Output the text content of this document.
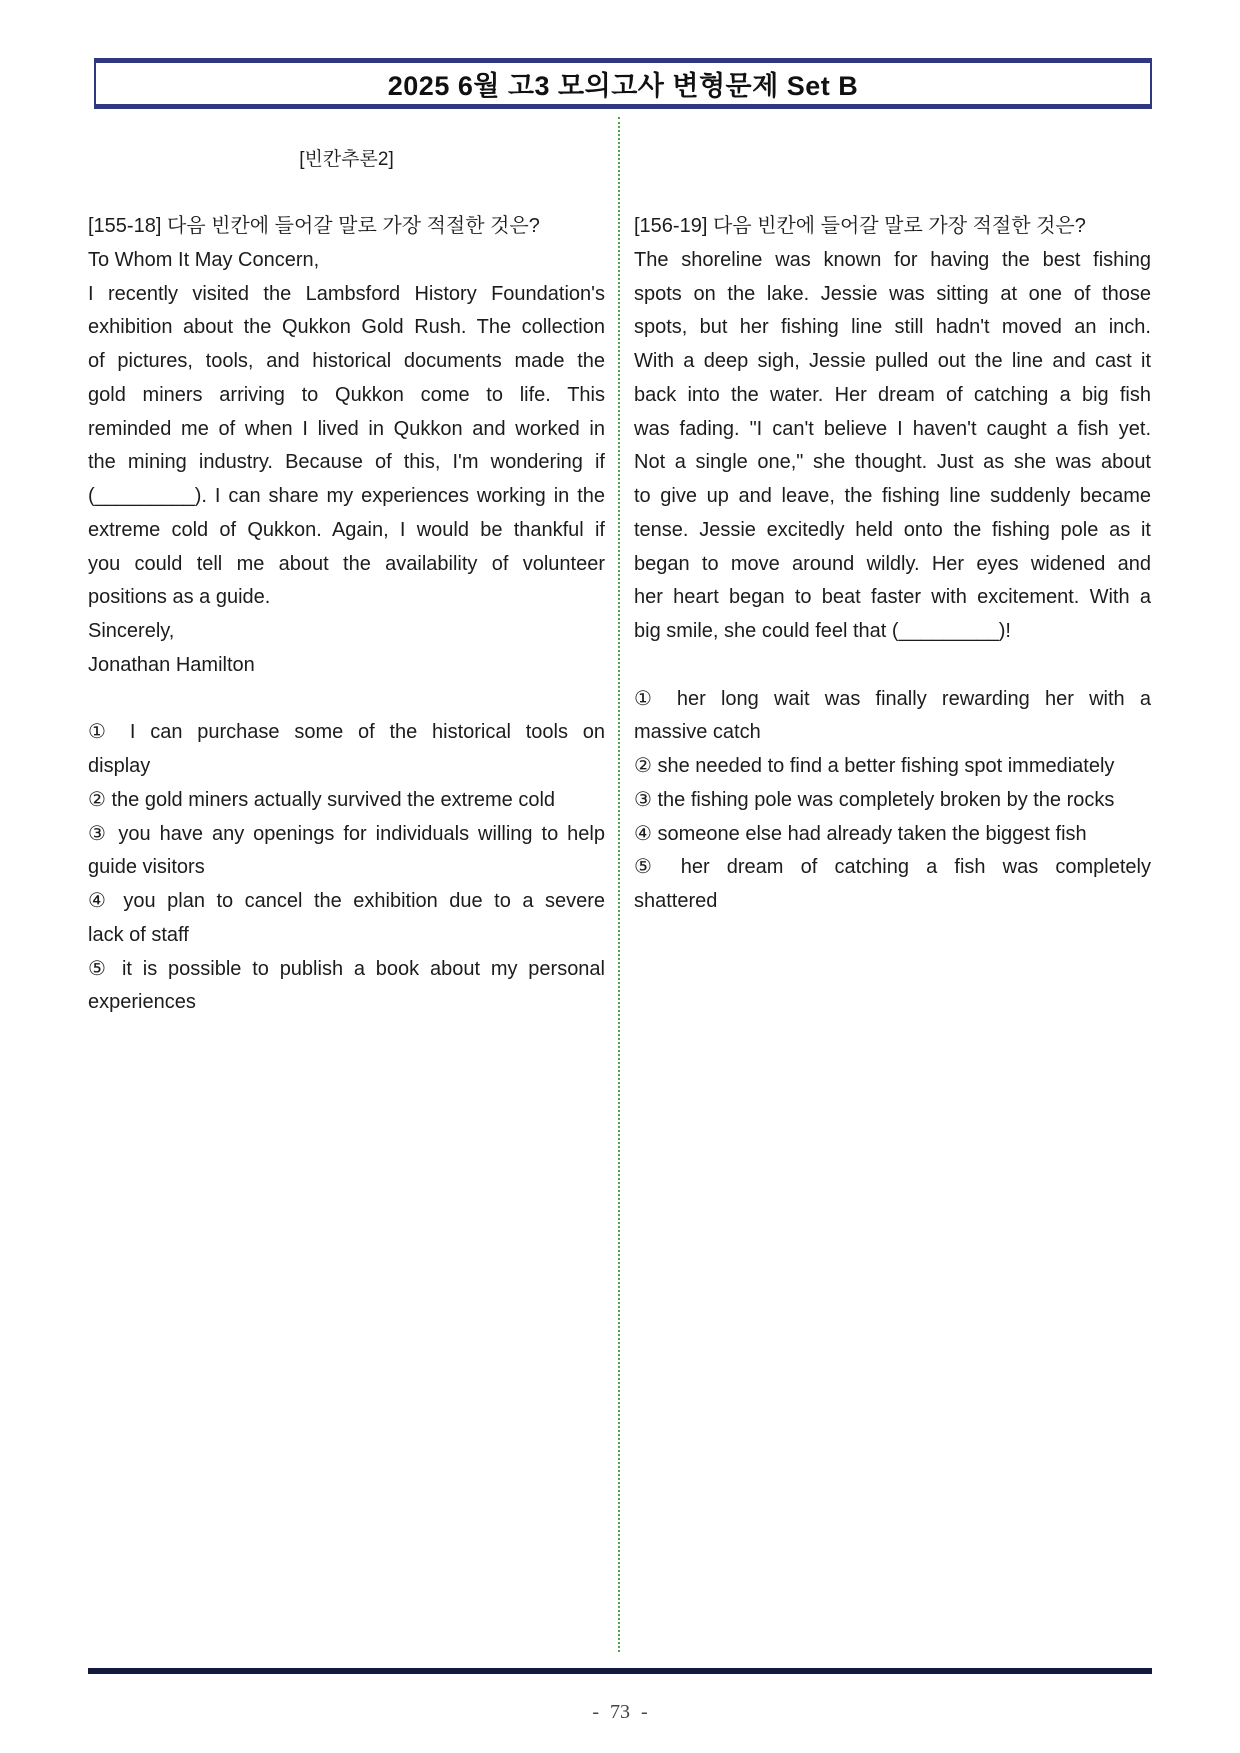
2025 6월 고3 모의고사 변형문제 Set B
[빈칸추론2]
[155-18] 다음 빈칸에 들어갈 말로 가장 적절한 것은?
To Whom It May Concern,
I recently visited the Lambsford History Foundation's
exhibition about the Qukkon Gold Rush. The collection
of pictures, tools, and historical documents made the
gold miners arriving to Qukkon come to life. This
reminded me of when I lived in Qukkon and worked in
the mining industry. Because of this, I'm wondering if
(_________). I can share my experiences working in the
extreme cold of Qukkon. Again, I would be thankful if
you could tell me about the availability of volunteer
positions as a guide.
Sincerely,
Jonathan Hamilton
① I can purchase some of the historical tools on
display
② the gold miners actually survived the extreme cold
③ you have any openings for individuals willing to help
guide visitors
④ you plan to cancel the exhibition due to a severe
lack of staff
⑤ it is possible to publish a book about my personal
experiences
[156-19] 다음 빈칸에 들어갈 말로 가장 적절한 것은?
The shoreline was known for having the best fishing
spots on the lake. Jessie was sitting at one of those
spots, but her fishing line still hadn't moved an inch.
With a deep sigh, Jessie pulled out the line and cast it
back into the water. Her dream of catching a big fish
was fading. "I can't believe I haven't caught a fish yet.
Not a single one," she thought. Just as she was about
to give up and leave, the fishing line suddenly became
tense. Jessie excitedly held onto the fishing pole as it
began to move around wildly. Her eyes widened and
her heart began to beat faster with excitement. With a
big smile, she could feel that (_________)!
① her long wait was finally rewarding her with a
massive catch
② she needed to find a better fishing spot immediately
③ the fishing pole was completely broken by the rocks
④ someone else had already taken the biggest fish
⑤ her dream of catching a fish was completely
shattered
- 73 -
